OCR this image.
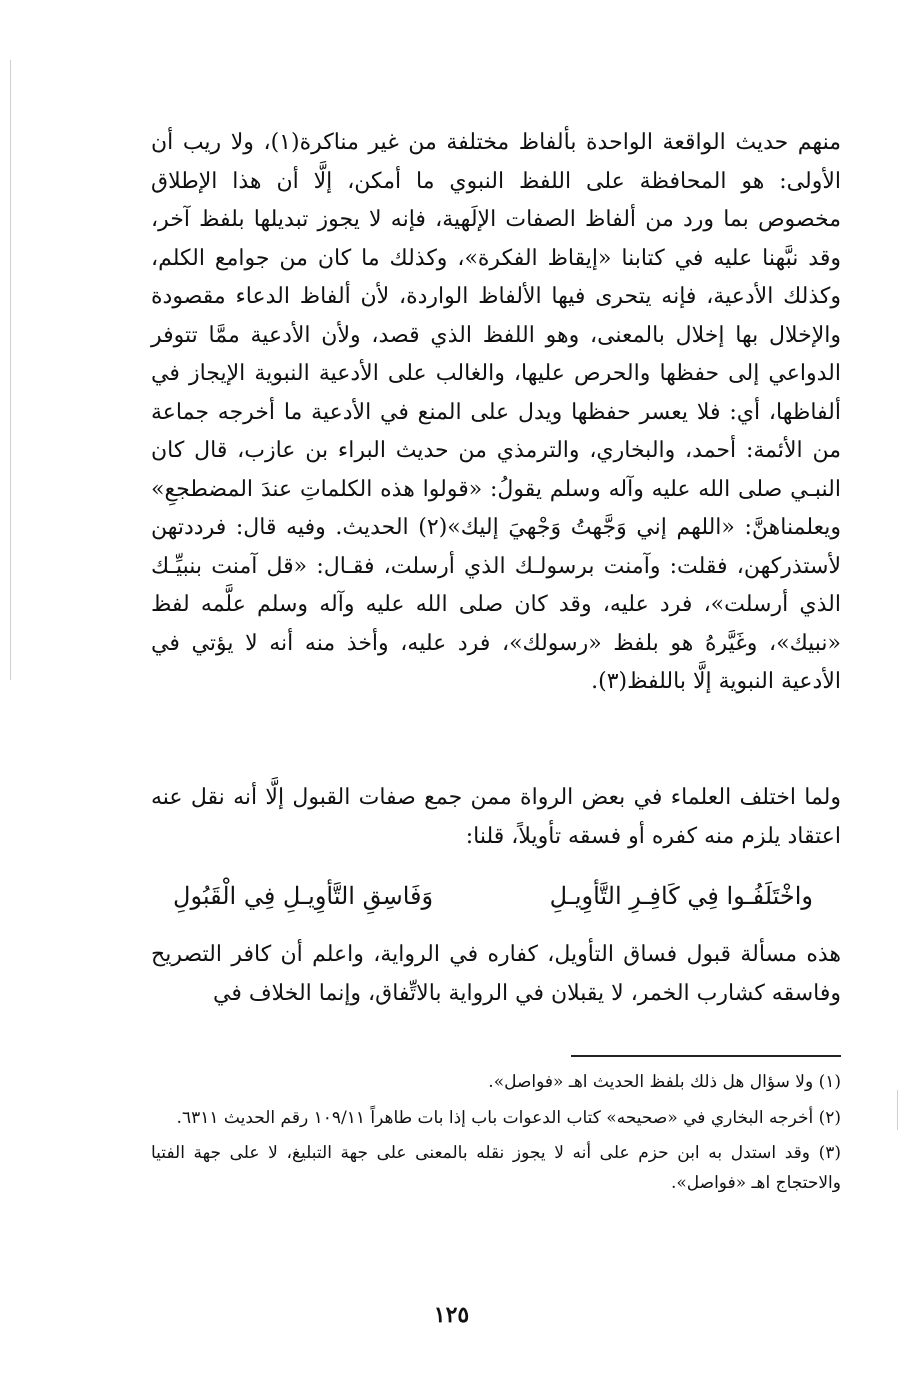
منهم حديث الواقعة الواحدة بألفاظ مختلفة من غير مناكرة(١)، ولا ريب أن الأولى: هو المحافظة على اللفظ النبوي ما أمكن، إلَّا أن هذا الإطلاق مخصوص بما ورد من ألفاظ الصفات الإلَهية، فإنه لا يجوز تبديلها بلفظ آخر، وقد نبَّهنا عليه في كتابنا «إيقاظ الفكرة»، وكذلك ما كان من جوامع الكلم، وكذلك الأدعية، فإنه يتحرى فيها الألفاظ الواردة، لأن ألفاظ الدعاء مقصودة والإخلال بها إخلال بالمعنى، وهو اللفظ الذي قصد، ولأن الأدعية ممَّا تتوفر الدواعي إلى حفظها والحرص عليها، والغالب على الأدعية النبوية الإيجاز في ألفاظها، أي: فلا يعسر حفظها ويدل على المنع في الأدعية ما أخرجه جماعة من الأئمة: أحمد، والبخاري، والترمذي من حديث البراء بن عازب، قال كان النبـي صلى الله عليه وآله وسلم يقولُ: «قولوا هذه الكلماتِ عندَ المضطجعِ» ويعلمناهنَّ: «اللهم إني وَجَّهتُ وَجْهيَ إليك»(٢) الحديث. وفيه قال: فرددتهن لأستذركهن، فقلت: وآمنت برسولـك الذي أرسلت، فقـال: «قل آمنت بنبيِّـك الذي أرسلت»، فرد عليه، وقد كان صلى الله عليه وآله وسلم علَّمه لفظ «نبيك»، وغَيَّرهُ هو بلفظ «رسولك»، فرد عليه، وأخذ منه أنه لا يؤتي في الأدعية النبوية إلَّا باللفظ(٣).

ولما اختلف العلماء في بعض الرواة ممن جمع صفات القبول إلَّا أنه نقل عنه اعتقاد يلزم منه كفره أو فسقه تأويلاً، قلنا:

واخْتَلَفُـوا فِي كَافِـرِ التَّأوِيـلِ
وَفَاسِقِ التَّأوِيـلِ فِي الْقَبُولِ

هذه مسألة قبول فساق التأويل، كفاره في الرواية، واعلم أن كافر التصريح وفاسقه كشارب الخمر، لا يقبلان في الرواية بالاتِّفاق، وإنما الخلاف في

(١) ولا سؤال هل ذلك بلفظ الحديث اهـ «فواصل».

(٢) أخرجه البخاري في «صحيحه» كتاب الدعوات باب إذا بات طاهراً ١٠٩/١١ رقم الحديث ٦٣١١.

(٣) وقد استدل به ابن حزم على أنه لا يجوز نقله بالمعنى على جهة التبليغ، لا على جهة الفتيا والاحتجاج اهـ «فواصل».

١٢٥
